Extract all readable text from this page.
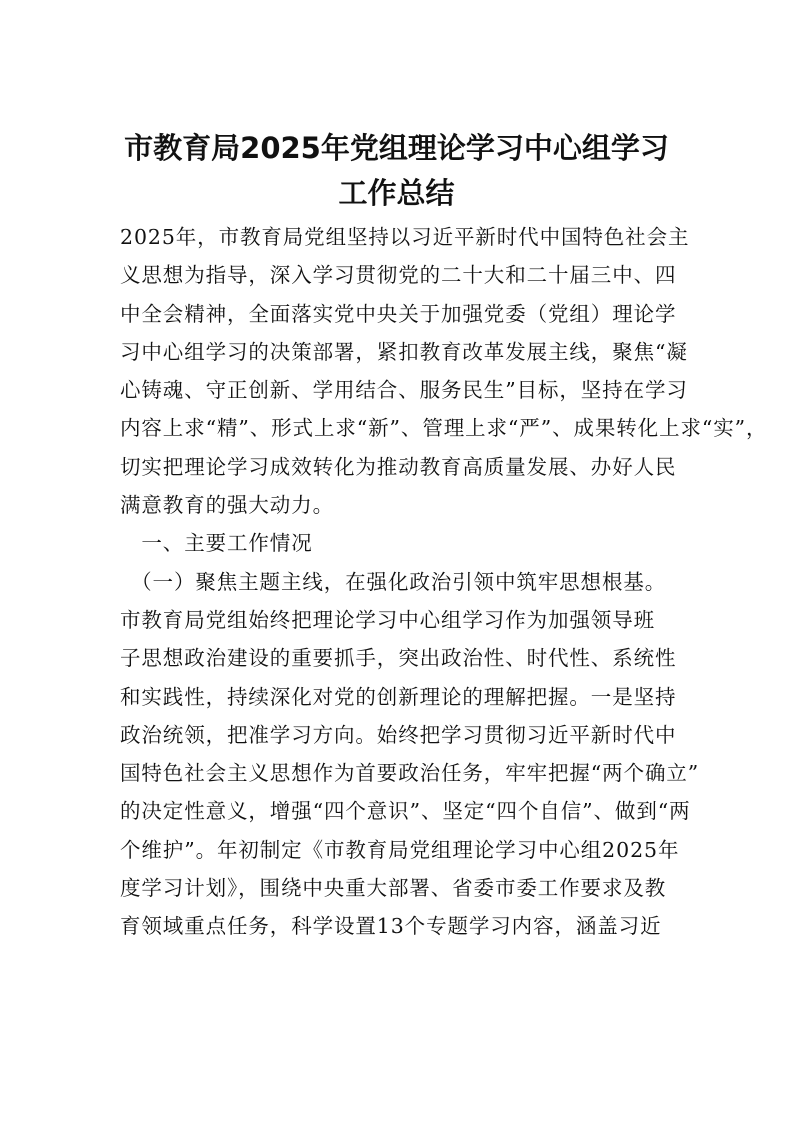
市教育局2025年党组理论学习中心组学习
工作总结
2025年，市教育局党组坚持以习近平新时代中国特色社会主
义思想为指导，深入学习贯彻党的二十大和二十届三中、四
中全会精神，全面落实党中央关于加强党委（党组）理论学
习中心组学习的决策部署，紧扣教育改革发展主线，聚焦“凝
心铸魂、守正创新、学用结合、服务民生”目标，坚持在学习
内容上求“精”、形式上求“新”、管理上求“严”、成果转化上求“实”，
切实把理论学习成效转化为推动教育高质量发展、办好人民
满意教育的强大动力。
　一、主要工作情况
　（一）聚焦主题主线，在强化政治引领中筑牢思想根基。
市教育局党组始终把理论学习中心组学习作为加强领导班
子思想政治建设的重要抓手，突出政治性、时代性、系统性
和实践性，持续深化对党的创新理论的理解把握。一是坚持
政治统领，把准学习方向。始终把学习贯彻习近平新时代中
国特色社会主义思想作为首要政治任务，牢牢把握“两个确立”
的决定性意义，增强“四个意识”、坚定“四个自信”、做到“两
个维护”。年初制定《市教育局党组理论学习中心组2025年
度学习计划》，围绕中央重大部署、省委市委工作要求及教
育领域重点任务，科学设置13个专题学习内容，涵盖习近
